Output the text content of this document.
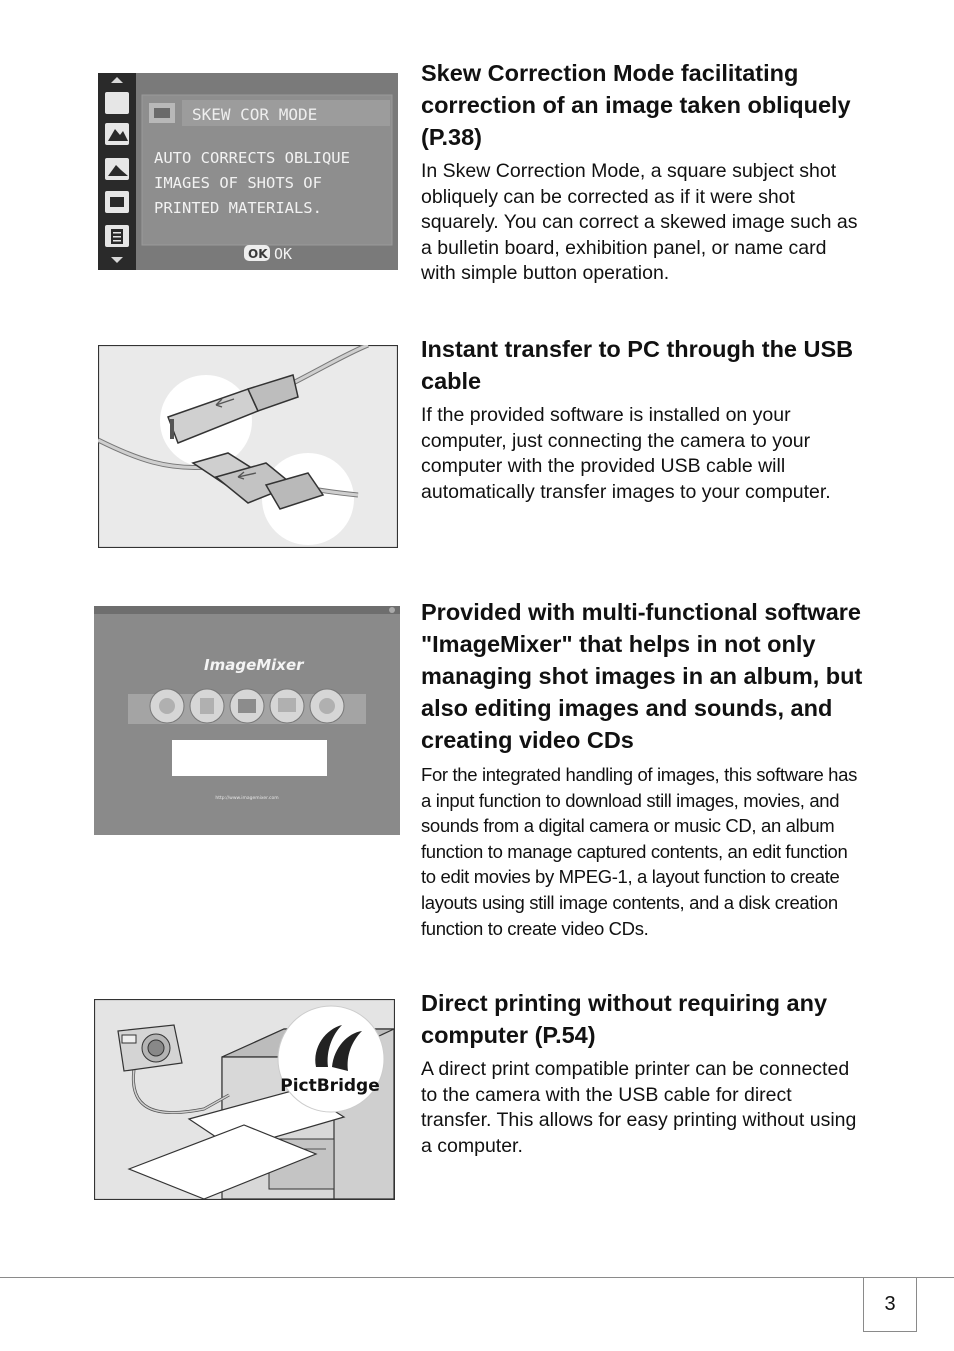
SKEW COR MODE
AUTO CORRECTS OBLIQUE
IMAGES OF SHOTS OF
PRINTED MATERIALS.
OK OK
Skew Correction Mode facilitating correction of an image taken obliquely (P.38)

In Skew Correction Mode, a square subject shot obliquely can be corrected as if it were shot squarely. You can correct a skewed image such as a bulletin board, exhibition panel, or name card with simple button operation.

Instant transfer to PC through the USB cable

If the provided software is installed on your computer, just connecting the camera to your computer with the provided USB cable will automatically transfer images to your computer.

ImageMixer
http://www.imagemixer.com
Provided with multi-functional software "ImageMixer" that helps in not only managing shot images in an album, but also editing images and sounds, and creating video CDs

For the integrated handling of images, this software has a input function to download still images, movies, and sounds from a digital camera or music CD, an album function to manage captured contents, an edit function to edit movies by MPEG-1, a layout function to create layouts using still image contents, and a disk creation function to create video CDs.

PictBridge
Direct printing without requiring any computer (P.54)

A direct print compatible printer can be connected to the camera with the USB cable for direct transfer. This allows for easy printing without using a computer.

3
